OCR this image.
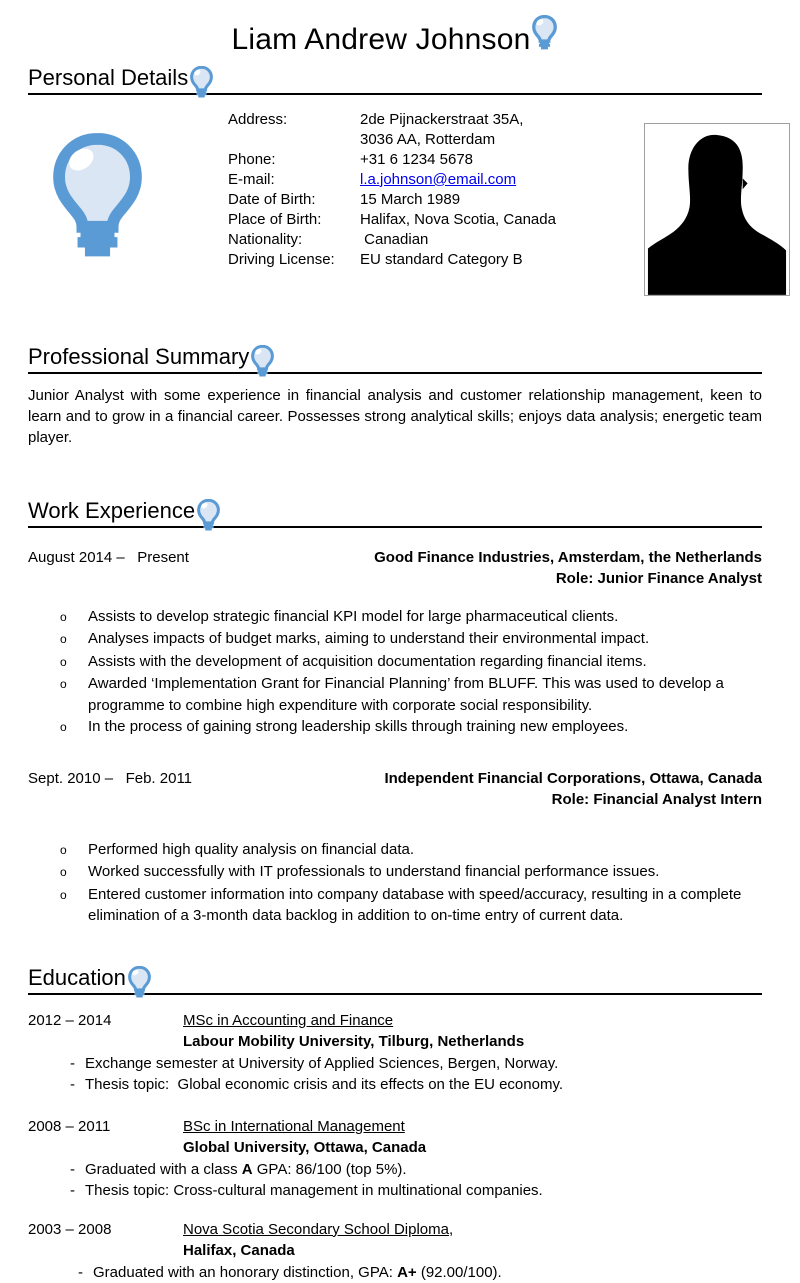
Liam Andrew Johnson
Personal Details
Address:	2de Pijnackerstraat 35A,
3036 AA, Rotterdam
Phone:	+31 6 1234 5678
E-mail:	l.a.johnson@email.com
Date of Birth:	15 March 1989
Place of Birth:	Halifax, Nova Scotia, Canada
Nationality:	Canadian
Driving License:	EU standard Category B
Professional Summary

Junior Analyst with some experience in financial analysis and customer relationship management, keen to learn and to grow in a financial career. Possesses strong analytical skills; enjoys data analysis; energetic team player.

Work Experience
August 2014 –   Present	Good Finance Industries, Amsterdam, the Netherlands
Role: Junior Finance Analyst
o	Assists to develop strategic financial KPI model for large pharmaceutical clients.
o	Analyses impacts of budget marks, aiming to understand their environmental impact.
o	Assists with the development of acquisition documentation regarding financial items.
o	Awarded ‘Implementation Grant for Financial Planning’ from BLUFF. This was used to develop a programme to combine high expenditure with corporate social responsibility.
o	In the process of gaining strong leadership skills through training new employees.
Sept. 2010 –   Feb. 2011	Independent Financial Corporations, Ottawa, Canada
Role: Financial Analyst Intern
o	Performed high quality analysis on financial data.
o	Worked successfully with IT professionals to understand financial performance issues.
o	Entered customer information into company database with speed/accuracy, resulting in a complete elimination of a 3-month data backlog in addition to on-time entry of current data.
Education
2012 – 2014	MSc in Accounting and Finance
Labour Mobility University, Tilburg, Netherlands
- Exchange semester at University of Applied Sciences, Bergen, Norway.
- Thesis topic:  Global economic crisis and its effects on the EU economy.
2008 – 2011	BSc in International Management
Global University, Ottawa, Canada
- Graduated with a class A GPA: 86/100 (top 5%).
- Thesis topic: Cross-cultural management in multinational companies.
2003 – 2008	Nova Scotia Secondary School Diploma,
Halifax, Canada
- Graduated with an honorary distinction, GPA: A+ (92.00/100).
